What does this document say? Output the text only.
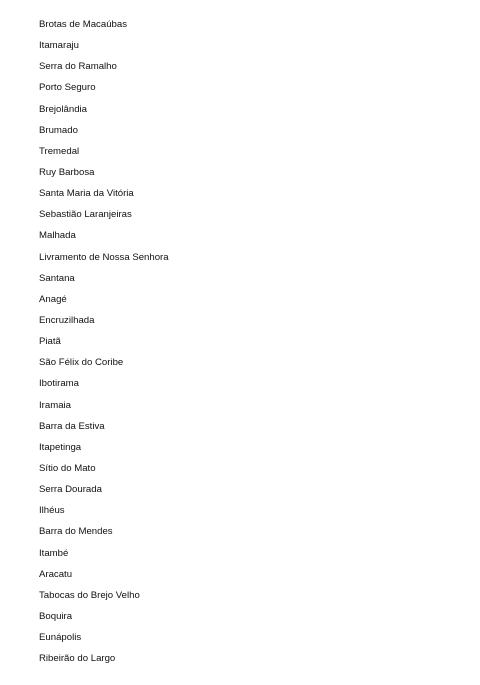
Brotas de Macaúbas
Itamaraju
Serra do Ramalho
Porto Seguro
Brejolândia
Brumado
Tremedal
Ruy Barbosa
Santa Maria da Vitória
Sebastião Laranjeiras
Malhada
Livramento de Nossa Senhora
Santana
Anagé
Encruzilhada
Piatã
São Félix do Coribe
Ibotirama
Iramaia
Barra da Estiva
Itapetinga
Sítio do Mato
Serra Dourada
Ilhéus
Barra do Mendes
Itambé
Aracatu
Tabocas do Brejo Velho
Boquira
Eunápolis
Ribeirão do Largo
